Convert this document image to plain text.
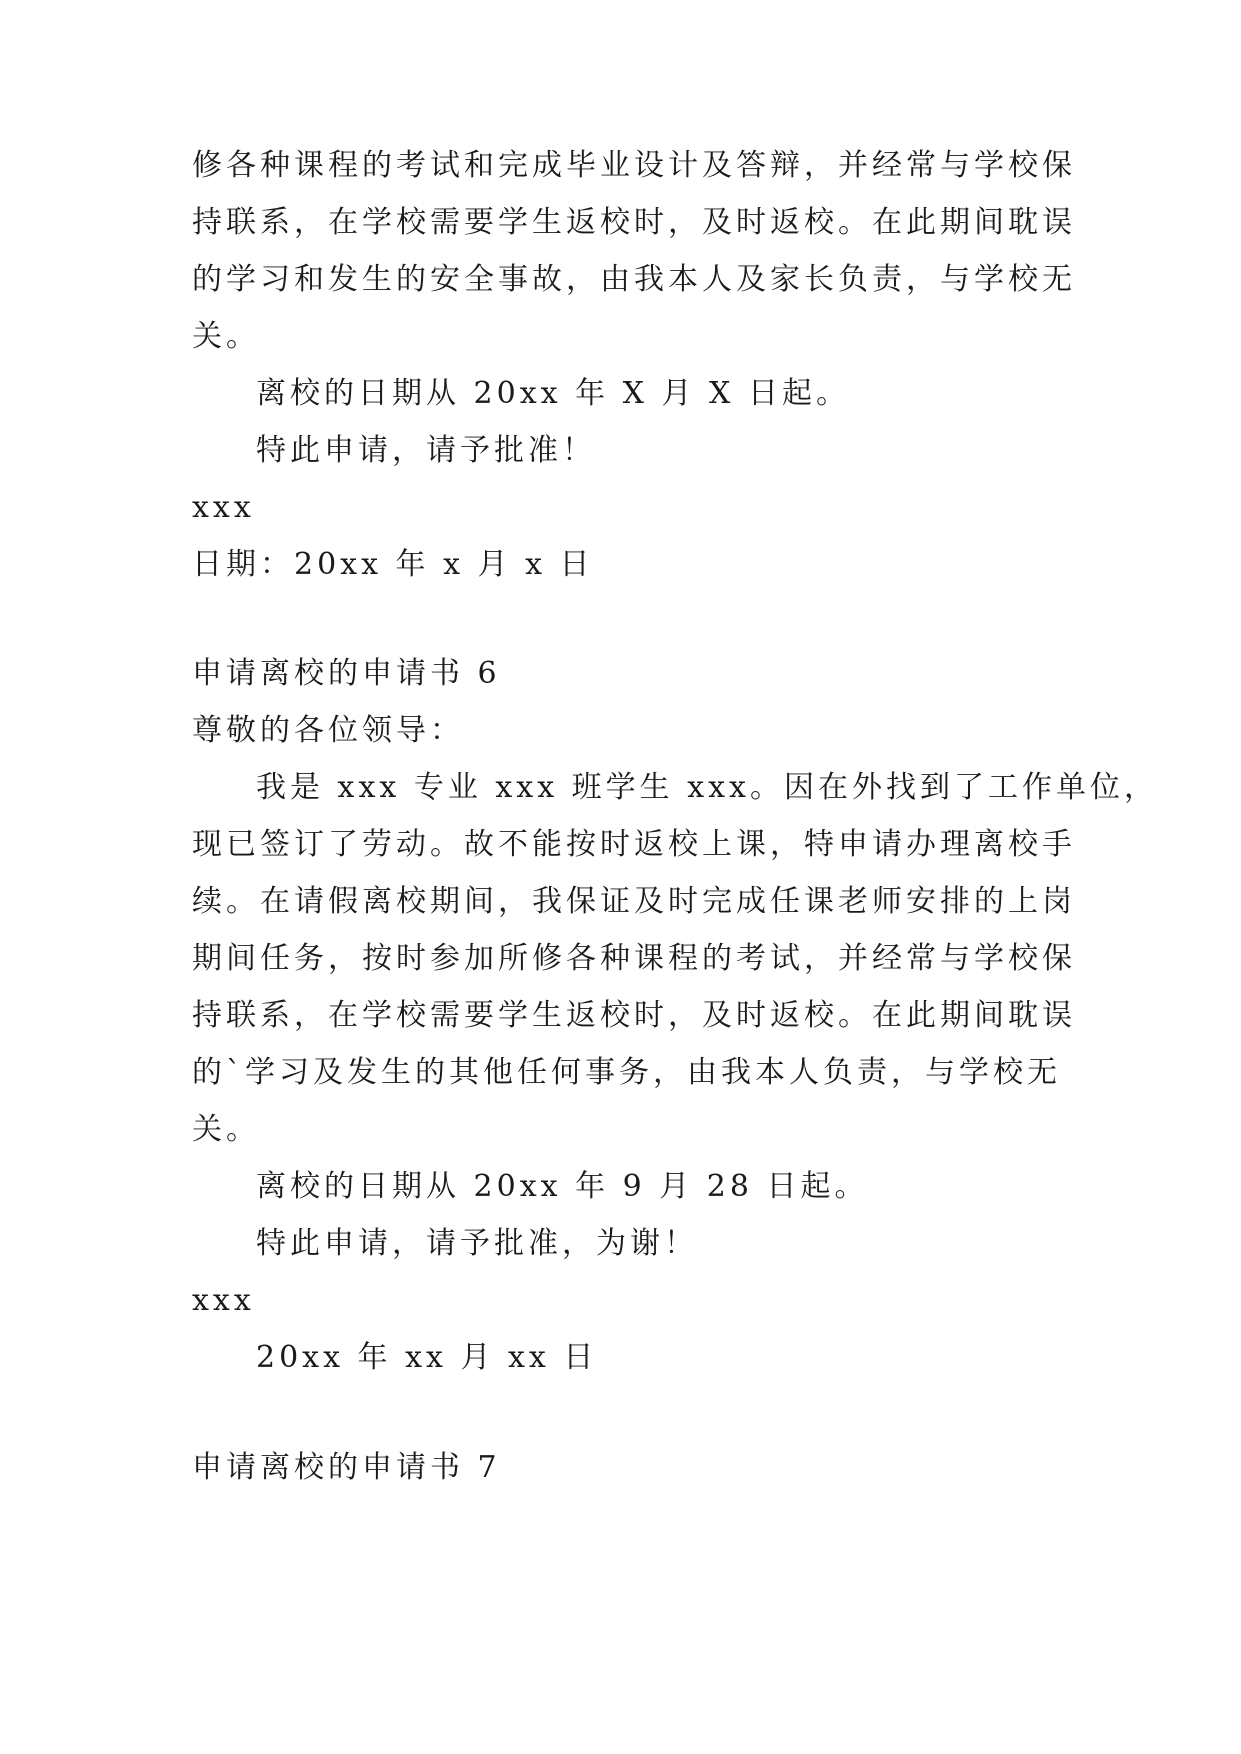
修各种课程的考试和完成毕业设计及答辩，并经常与学校保
持联系，在学校需要学生返校时，及时返校。在此期间耽误
的学习和发生的安全事故，由我本人及家长负责，与学校无
关。
离校的日期从 20xx 年 X 月 X 日起。
特此申请，请予批准！
xxx
日期：20xx 年 x 月 x 日
申请离校的申请书 6
尊敬的各位领导：
我是 xxx 专业 xxx 班学生 xxx。因在外找到了工作单位，
现已签订了劳动。故不能按时返校上课，特申请办理离校手
续。在请假离校期间，我保证及时完成任课老师安排的上岗
期间任务，按时参加所修各种课程的考试，并经常与学校保
持联系，在学校需要学生返校时，及时返校。在此期间耽误
的`学习及发生的其他任何事务，由我本人负责，与学校无
关。
离校的日期从 20xx 年 9 月 28 日起。
特此申请，请予批准，为谢！
xxx
20xx 年 xx 月 xx 日
申请离校的申请书 7
